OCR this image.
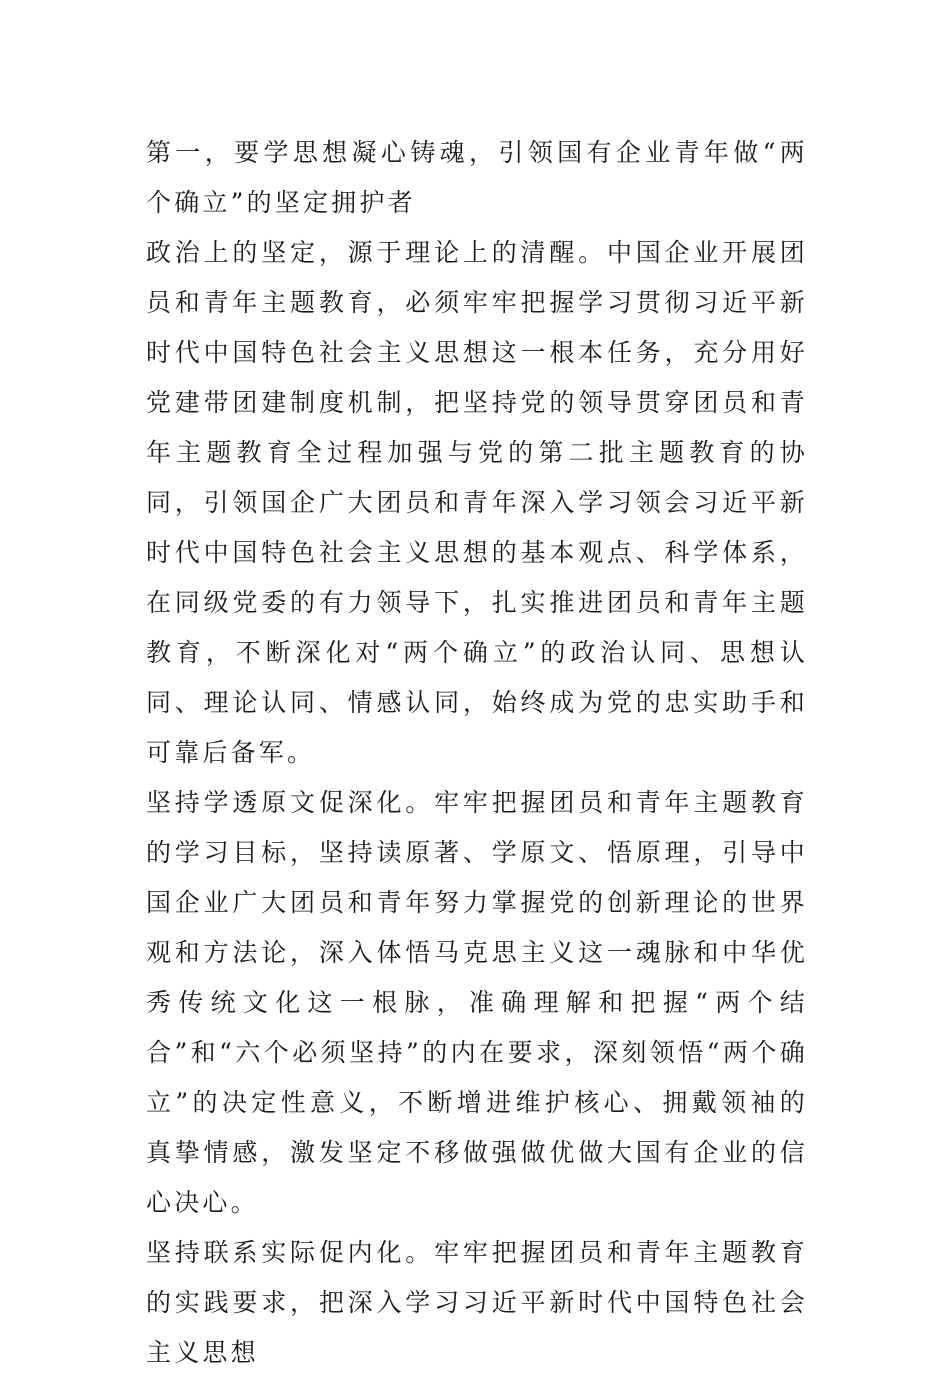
第一，要学思想凝心铸魂，引领国有企业青年做“两个确立”的坚定拥护者

政治上的坚定，源于理论上的清醒。中国企业开展团员和青年主题教育，必须牢牢把握学习贯彻习近平新时代中国特色社会主义思想这一根本任务，充分用好党建带团建制度机制，把坚持党的领导贯穿团员和青年主题教育全过程加强与党的第二批主题教育的协同，引领国企广大团员和青年深入学习领会习近平新时代中国特色社会主义思想的基本观点、科学体系，在同级党委的有力领导下，扎实推进团员和青年主题教育，不断深化对“两个确立”的政治认同、思想认同、理论认同、情感认同，始终成为党的忠实助手和可靠后备军。

坚持学透原文促深化。牢牢把握团员和青年主题教育的学习目标，坚持读原著、学原文、悟原理，引导中国企业广大团员和青年努力掌握党的创新理论的世界观和方法论，深入体悟马克思主义这一魂脉和中华优秀传统文化这一根脉，准确理解和把握“两个结合”和“六个必须坚持”的内在要求，深刻领悟“两个确立”的决定性意义，不断增进维护核心、拥戴领袖的真挚情感，激发坚定不移做强做优做大国有企业的信心决心。

坚持联系实际促内化。牢牢把握团员和青年主题教育的实践要求，把深入学习习近平新时代中国特色社会主义思想
